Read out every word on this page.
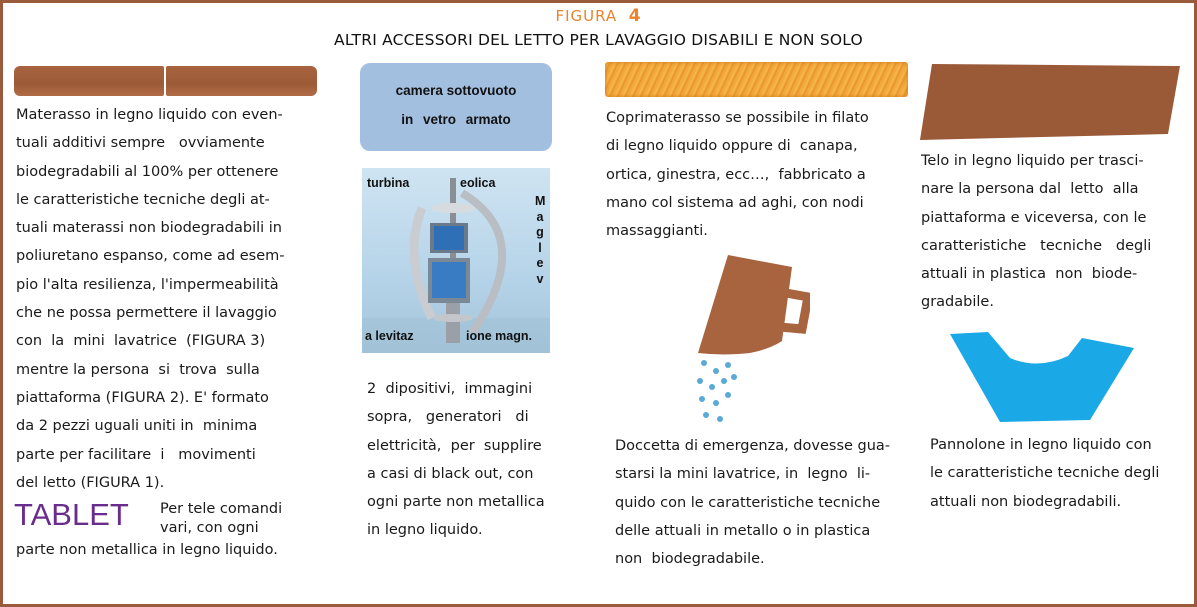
FIGURA 4
ALTRI ACCESSORI DEL LETTO PER LAVAGGIO DISABILI E NON SOLO
Materasso in legno liquido con even-
tuali additivi sempre   ovviamente
biodegradabili al 100% per ottenere
le caratteristiche tecniche degli at-
tuali materassi non biodegradabili in
poliuretano espanso, come ad esem-
pio l'alta resilienza, l'impermeabilità
che ne possa permettere il lavaggio
con  la  mini  lavatrice  (FIGURA 3)
mentre la persona  si  trova  sulla
piattaforma (FIGURA 2). E' formato
da 2 pezzi uguali uniti in  minima
parte per facilitare  i   movimenti
del letto (FIGURA 1).
TABLET Per tele comandi
vari, con ogni
parte non metallica in legno liquido.
camera sottovuoto
in vetro armato
turbina	eolica
M
a
g
l
e
v
a levitaz	ione magn.
2  dipositivi,  immagini
sopra,   generatori   di
elettricità,  per  supplire
a casi di black out, con
ogni parte non metallica
in legno liquido.
Coprimaterasso se possibile in filato
di legno liquido oppure di  canapa,
ortica, ginestra, ecc…,  fabbricato a
mano col sistema ad aghi, con nodi
massaggianti.
Doccetta di emergenza, dovesse gua-
starsi la mini lavatrice, in  legno  li-
quido con le caratteristiche tecniche
delle attuali in metallo o in plastica
non  biodegradabile.
Telo in legno liquido per trasci-
nare la persona dal  letto  alla
piattaforma e viceversa, con le
caratteristiche   tecniche   degli
attuali in plastica  non  biode-
gradabile.
Pannolone in legno liquido con
le caratteristiche tecniche degli
attuali non biodegradabili.
